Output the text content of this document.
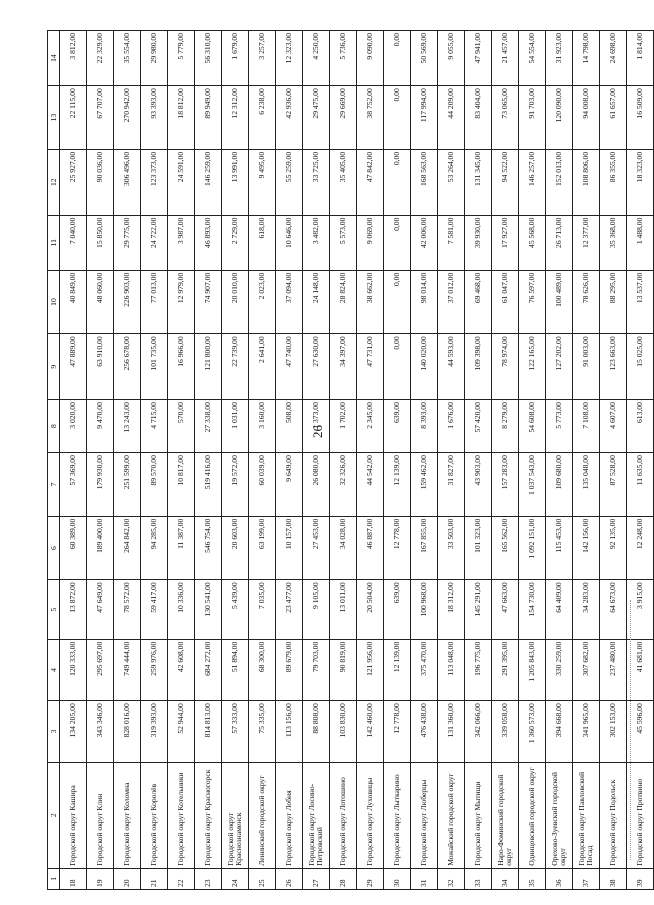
26
1	2	3	4	5	6	7	8	9	10	11	12	13	14
18	Городской округ Кашира	134 205,00	120 333,00	13 872,00	60 389,00	57 369,00	3 020,00	47 889,00	40 849,00	7 040,00	25 927,00	22 115,00	3 812,00
19	Городской округ Клин	343 346,00	295 697,00	47 649,00	189 400,00	179 930,00	9 470,00	63 910,00	48 060,00	15 850,00	90 036,00	67 707,00	22 329,00
20	Городской округ Коломна	828 016,00	749 444,00	78 572,00	264 842,00	251 599,00	13 243,00	256 678,00	226 903,00	29 775,00	306 496,00	270 942,00	35 554,00
21	Городской округ Королёв	319 393,00	259 976,00	59 417,00	94 285,00	89 570,00	4 715,00	101 735,00	77 013,00	24 722,00	123 373,00	93 393,00	29 980,00
22	Городской округ Котельники	52 944,00	42 608,00	10 336,00	11 387,00	10 817,00	570,00	16 966,00	12 979,00	3 987,00	24 591,00	18 812,00	5 779,00
23	Городской округ Красногорск	814 813,00	684 272,00	130 541,00	546 754,00	519 416,00	27 338,00	121 800,00	74 907,00	46 893,00	146 259,00	89 949,00	56 310,00
24	Городской округ Краснознаменск	57 333,00	51 894,00	5 439,00	20 603,00	19 572,00	1 031,00	22 739,00	20 010,00	2 729,00	13 991,00	12 312,00	1 679,00
25	Ленинский городской округ	75 335,00	68 300,00	7 035,00	63 199,00	60 039,00	3 160,00	2 641,00	2 023,00	618,00	9 495,00	6 238,00	3 257,00
26	Городской округ Лобня	113 156,00	89 679,00	23 477,00	10 157,00	9 649,00	508,00	47 740,00	37 094,00	10 646,00	55 259,00	42 936,00	12 323,00
27	Городской округ Лосино-Петровский	88 808,00	79 703,00	9 105,00	27 453,00	26 080,00	1 373,00	27 630,00	24 148,00	3 482,00	33 725,00	29 475,00	4 250,00
28	Городской округ Лотошино	103 830,00	90 819,00	13 011,00	34 028,00	32 326,00	1 702,00	34 397,00	28 824,00	5 573,00	35 405,00	29 669,00	5 736,00
29	Городской округ Луховицы	142 460,00	121 956,00	20 504,00	46 887,00	44 542,00	2 345,00	47 731,00	38 662,00	9 069,00	47 842,00	38 752,00	9 090,00
30	Городской округ Лыткарино	12 778,00	12 139,00	639,00	12 778,00	12 139,00	639,00	0,00	0,00	0,00	0,00	0,00	0,00
31	Городской округ Люберцы	476 438,00	375 470,00	100 968,00	167 855,00	159 462,00	8 393,00	140 020,00	98 014,00	42 006,00	168 563,00	117 994,00	50 569,00
32	Можайский городской округ	131 360,00	113 048,00	18 312,00	33 503,00	31 827,00	1 676,00	44 593,00	37 012,00	7 581,00	53 264,00	44 209,00	9 055,00
33	Городской округ Мытищи	342 066,00	196 775,00	145 291,00	101 323,00	43 903,00	57 420,00	109 398,00	69 468,00	39 930,00	131 345,00	83 404,00	47 941,00
34	Наро-Фоминский городской округ	339 058,00	291 395,00	47 663,00	165 562,00	157 283,00	8 279,00	78 974,00	61 047,00	17 927,00	94 522,00	73 065,00	21 457,00
35	Одинцовский городской округ	1 360 573,00	1 205 843,00	154 730,00	1 092 151,00	1 037 543,00	54 608,00	122 165,00	76 597,00	45 568,00	146 257,00	91 703,00	54 554,00
36	Орехово-Зуевский городской округ	394 668,00	330 259,00	64 409,00	115 453,00	109 680,00	5 773,00	127 202,00	100 489,00	26 713,00	152 013,00	120 090,00	31 923,00
37	Городской округ Павловский Посад	341 965,00	307 682,00	34 283,00	142 156,00	135 048,00	7 108,00	91 003,00	78 626,00	12 377,00	108 806,00	94 008,00	14 798,00
38	Городской округ Подольск	302 153,00	237 480,00	64 673,00	92 135,00	87 528,00	4 607,00	123 663,00	88 295,00	35 368,00	86 355,00	61 657,00	24 698,00
39	Городской округ Протвино	45 596,00	41 681,00	3 915,00	12 248,00	11 635,00	613,00	15 025,00	13 537,00	1 488,00	18 323,00	16 509,00	1 814,00
